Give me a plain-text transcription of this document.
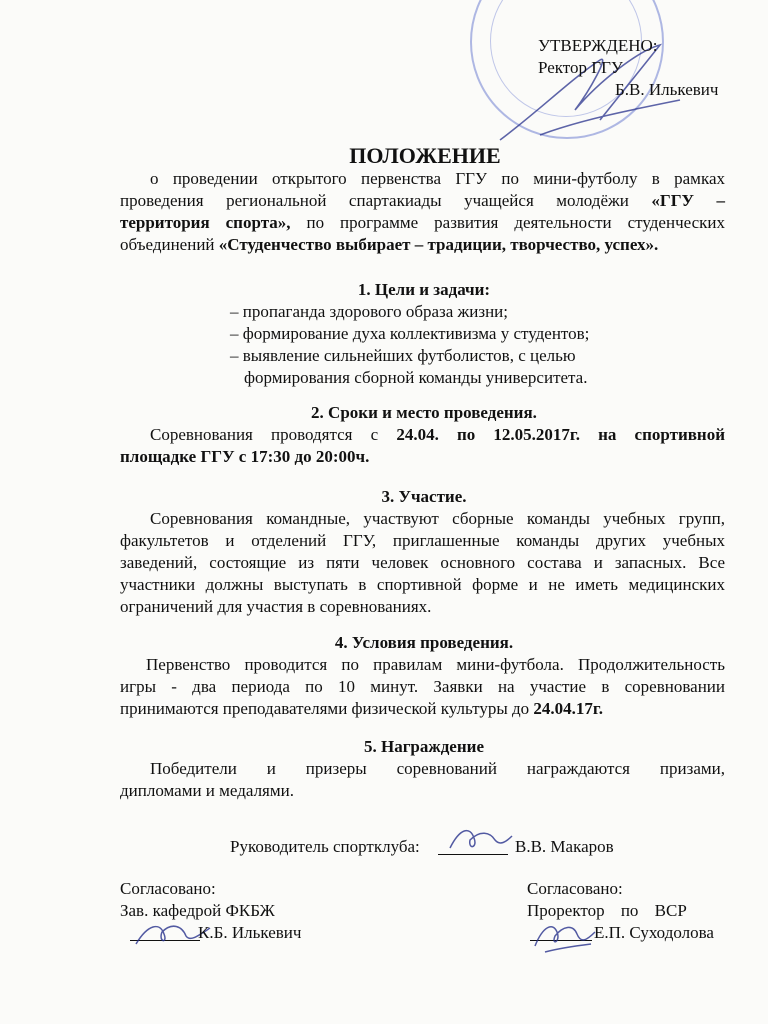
УТВЕРЖДЕНО:
Ректор ГГУ
Б.В. Илькевич
ПОЛОЖЕНИЕ
о проведении открытого первенства ГГУ по мини-футболу в рамках
проведения региональной спартакиады учащейся молодёжи «ГГУ –
территория спорта», по программе развития деятельности студенческих
объединений «Студенчество выбирает – традиции, творчество, успех».
1. Цели и задачи:
– пропаганда здорового образа жизни;
– формирование духа коллективизма у студентов;
– выявление сильнейших футболистов, с целью
формирования сборной команды университета.
2. Сроки и место проведения.
Соревнования проводятся с 24.04. по 12.05.2017г. на спортивной
площадке ГГУ с 17:30 до 20:00ч.
3. Участие.
Соревнования командные, участвуют сборные команды учебных групп,
факультетов и отделений ГГУ, приглашенные команды других учебных
заведений, состоящие из пяти человек основного состава и запасных. Все
участники должны выступать в спортивной форме и не иметь медицинских
ограничений для участия в соревнованиях.
4. Условия проведения.
Первенство проводится по правилам мини-футбола. Продолжительность
игры - два периода по 10 минут. Заявки на участие в соревновании
принимаются преподавателями физической культуры до 24.04.17г.
5. Награждение
Победители и призеры соревнований награждаются призами,
дипломами и медалями.
Руководитель спортклуба:	В.В. Макаров
Согласовано:
Зав. кафедрой ФКБЖ
К.Б. Илькевич
Согласовано:
Проректор по ВСР
Е.П. Суходолова
